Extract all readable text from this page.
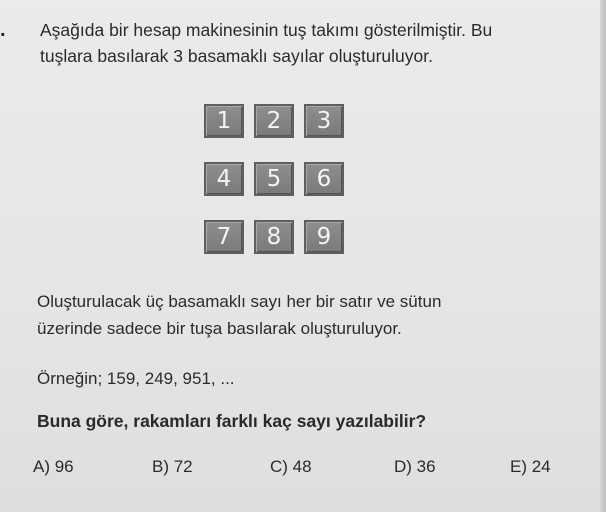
. Aşağıda bir hesap makinesinin tuş takımı gösterilmiştir. Bu
tuşlara basılarak 3 basamaklı sayılar oluşturuluyor.
1	2	3
4	5	6
7	8	9
Oluşturulacak üç basamaklı sayı her bir satır ve sütun
üzerinde sadece bir tuşa basılarak oluşturuluyor.
Örneğin; 159, 249, 951, ...
Buna göre, rakamları farklı kaç sayı yazılabilir?
A) 96	B) 72	C) 48	D) 36	E) 24
